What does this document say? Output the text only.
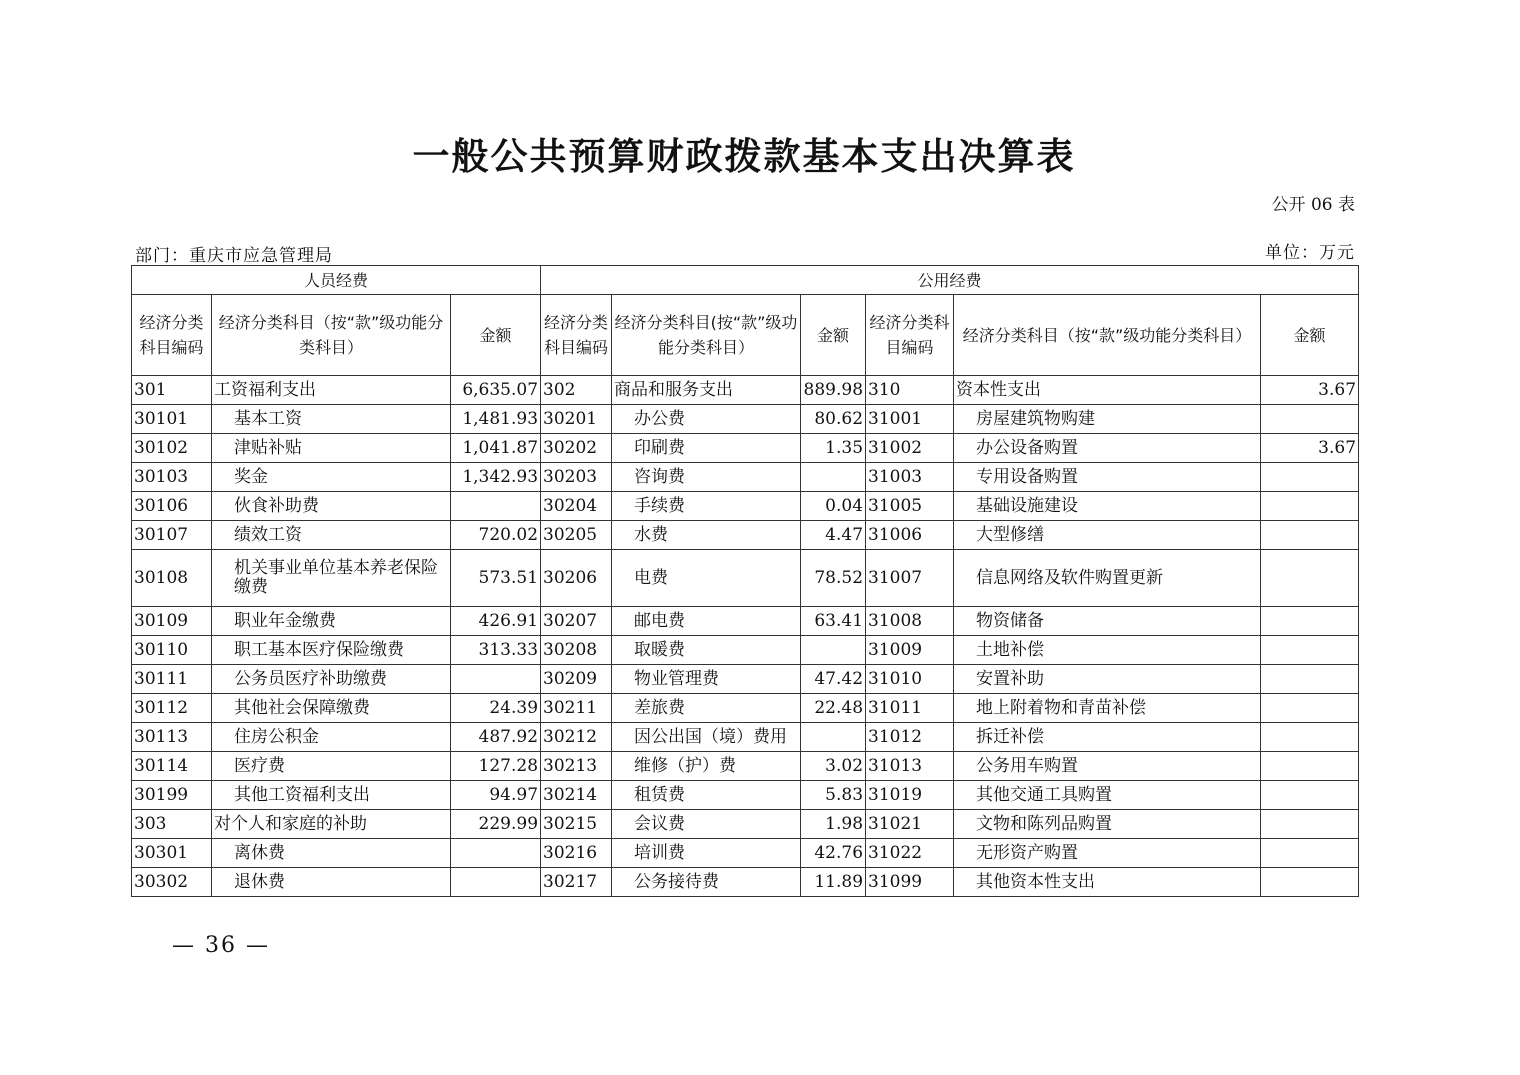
一般公共预算财政拨款基本支出决算表
公开 06 表
部门：重庆市应急管理局	单位：万元
人员经费			公用经费					
经济分类科目编码	经济分类科目（按“款”级功能分类科目）	金额	经济分类科目编码	经济分类科目(按“款”级功能分类科目）	金额	经济分类科目编码	经济分类科目（按“款”级功能分类科目）	金额
301	工资福利支出	6,635.07	302	商品和服务支出	889.98	310	资本性支出	3.67
30101	基本工资	1,481.93	30201	办公费	80.62	31001	房屋建筑物购建	
30102	津贴补贴	1,041.87	30202	印刷费	1.35	31002	办公设备购置	3.67
30103	奖金	1,342.93	30203	咨询费		31003	专用设备购置	
30106	伙食补助费		30204	手续费	0.04	31005	基础设施建设	
30107	绩效工资	720.02	30205	水费	4.47	31006	大型修缮	
30108	机关事业单位基本养老保险缴费	573.51	30206	电费	78.52	31007	信息网络及软件购置更新	
30109	职业年金缴费	426.91	30207	邮电费	63.41	31008	物资储备	
30110	职工基本医疗保险缴费	313.33	30208	取暖费		31009	土地补偿	
30111	公务员医疗补助缴费		30209	物业管理费	47.42	31010	安置补助	
30112	其他社会保障缴费	24.39	30211	差旅费	22.48	31011	地上附着物和青苗补偿	
30113	住房公积金	487.92	30212	因公出国（境）费用		31012	拆迁补偿	
30114	医疗费	127.28	30213	维修（护）费	3.02	31013	公务用车购置	
30199	其他工资福利支出	94.97	30214	租赁费	5.83	31019	其他交通工具购置	
303	对个人和家庭的补助	229.99	30215	会议费	1.98	31021	文物和陈列品购置	
30301	离休费		30216	培训费	42.76	31022	无形资产购置	
30302	退休费		30217	公务接待费	11.89	31099	其他资本性支出	
— 36 —
